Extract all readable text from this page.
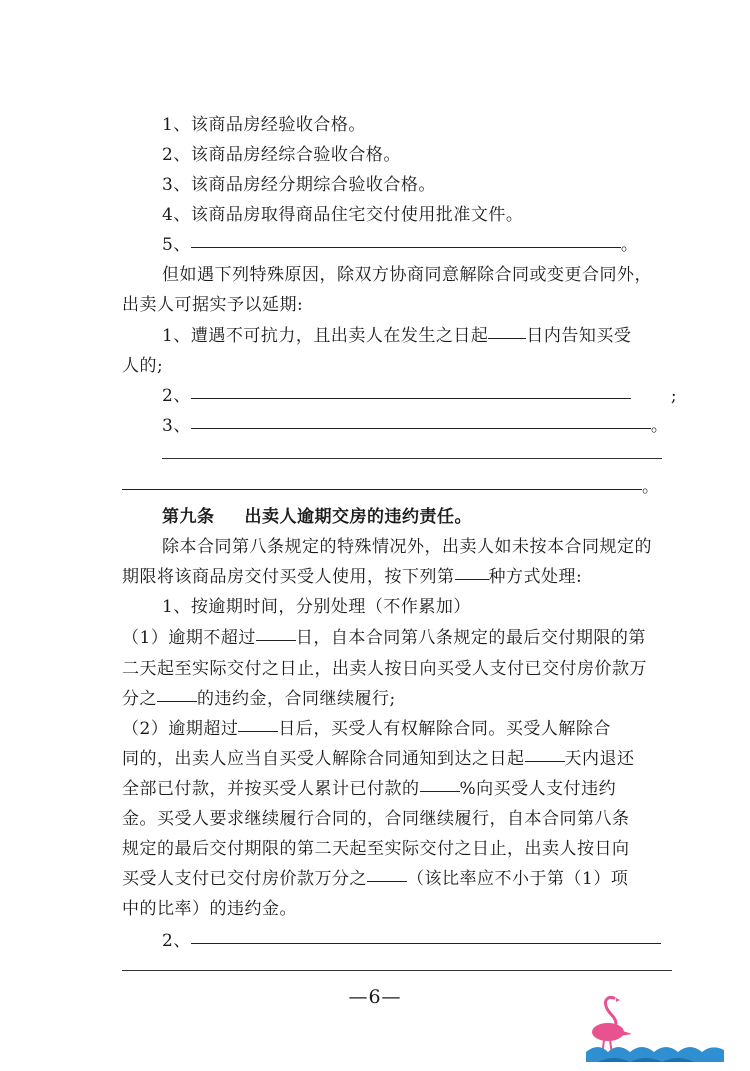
1、该商品房经验收合格。
2、该商品房经综合验收合格。
3、该商品房经分期综合验收合格。
4、该商品房取得商品住宅交付使用批准文件。
5、	。
但如遇下列特殊原因，除双方协商同意解除合同或变更合同外，
出卖人可据实予以延期:
1、遭遇不可抗力，且出卖人在发生之日起 日内告知买受
人的;
2、	;
3、	。
。
第九条 出卖人逾期交房的违约责任。
除本合同第八条规定的特殊情况外，出卖人如未按本合同规定的
期限将该商品房交付买受人使用，按下列第 种方式处理:
1、按逾期时间，分别处理（不作累加）
（1）逾期不超过 日，自本合同第八条规定的最后交付期限的第
二天起至实际交付之日止，出卖人按日向买受人支付已交付房价款万
分之 的违约金，合同继续履行;
（2）逾期超过 日后，买受人有权解除合同。买受人解除合
同的，出卖人应当自买受人解除合同通知到达之日起 天内退还
全部已付款，并按买受人累计已付款的 %向买受人支付违约
金。买受人要求继续履行合同的，合同继续履行，自本合同第八条
规定的最后交付期限的第二天起至实际交付之日止，出卖人按日向
买受人支付已交付房价款万分之 （该比率应不小于第（1）项
中的比率）的违约金。
2、
—6—
